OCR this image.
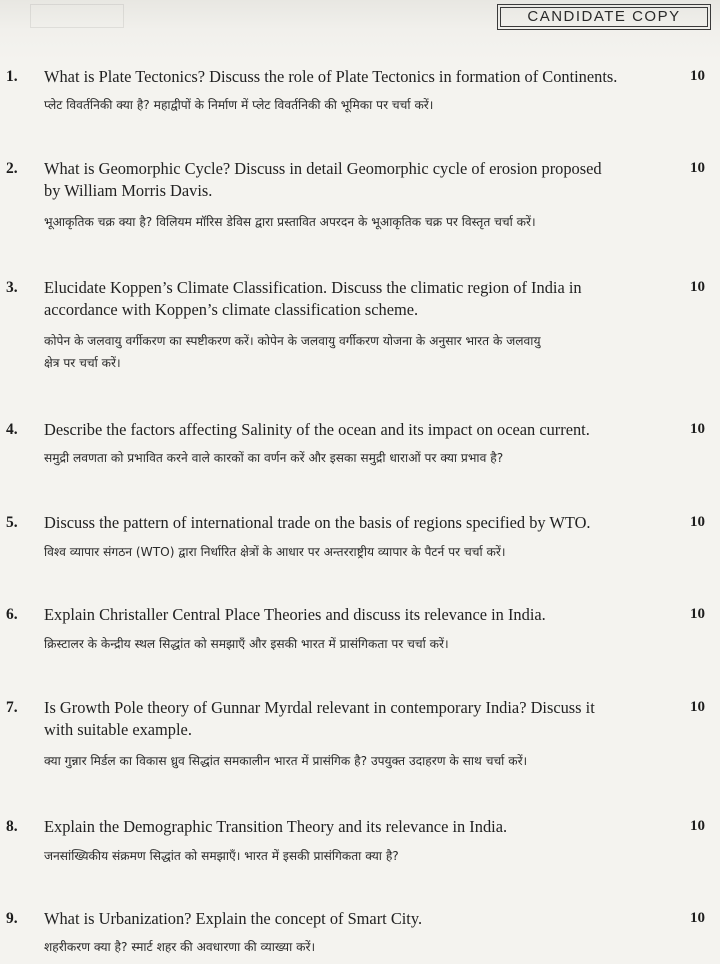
CANDIDATE COPY
1. What is Plate Tectonics? Discuss the role of Plate Tectonics in formation of Continents.
प्लेट विवर्तनिकी क्या है? महाद्वीपों के निर्माण में प्लेट विवर्तनिकी की भूमिका पर चर्चा करें।
10
2. What is Geomorphic Cycle? Discuss in detail Geomorphic cycle of erosion proposed
by William Morris Davis.
भूआकृतिक चक्र क्या है? विलियम मॉरिस डेविस द्वारा प्रस्तावित अपरदन के भूआकृतिक चक्र पर विस्तृत चर्चा करें।
10
3. Elucidate Koppen’s Climate Classification. Discuss the climatic region of India in
accordance with Koppen’s climate classification scheme.
कोपेन के जलवायु वर्गीकरण का स्पष्टीकरण करें। कोपेन के जलवायु वर्गीकरण योजना के अनुसार भारत के जलवायु
क्षेत्र पर चर्चा करें।
10
4. Describe the factors affecting Salinity of the ocean and its impact on ocean current.
समुद्री लवणता को प्रभावित करने वाले कारकों का वर्णन करें और इसका समुद्री धाराओं पर क्या प्रभाव है?
10
5. Discuss the pattern of international trade on the basis of regions specified by WTO.
विश्व व्यापार संगठन (WTO) द्वारा निर्धारित क्षेत्रों के आधार पर अन्तरराष्ट्रीय व्यापार के पैटर्न पर चर्चा करें।
10
6. Explain Christaller Central Place Theories and discuss its relevance in India.
क्रिस्टालर के केन्द्रीय स्थल सिद्धांत को समझाएँ और इसकी भारत में प्रासंगिकता पर चर्चा करें।
10
7. Is Growth Pole theory of Gunnar Myrdal relevant in contemporary India? Discuss it
with suitable example.
क्या गुन्नार मिर्डल का विकास ध्रुव सिद्धांत समकालीन भारत में प्रासंगिक है? उपयुक्त उदाहरण के साथ चर्चा करें।
10
8. Explain the Demographic Transition Theory and its relevance in India.
जनसांख्यिकीय संक्रमण सिद्धांत को समझाएँ। भारत में इसकी प्रासंगिकता क्या है?
10
9. What is Urbanization? Explain the concept of Smart City.
शहरीकरण क्या है? स्मार्ट शहर की अवधारणा की व्याख्या करें।
10
